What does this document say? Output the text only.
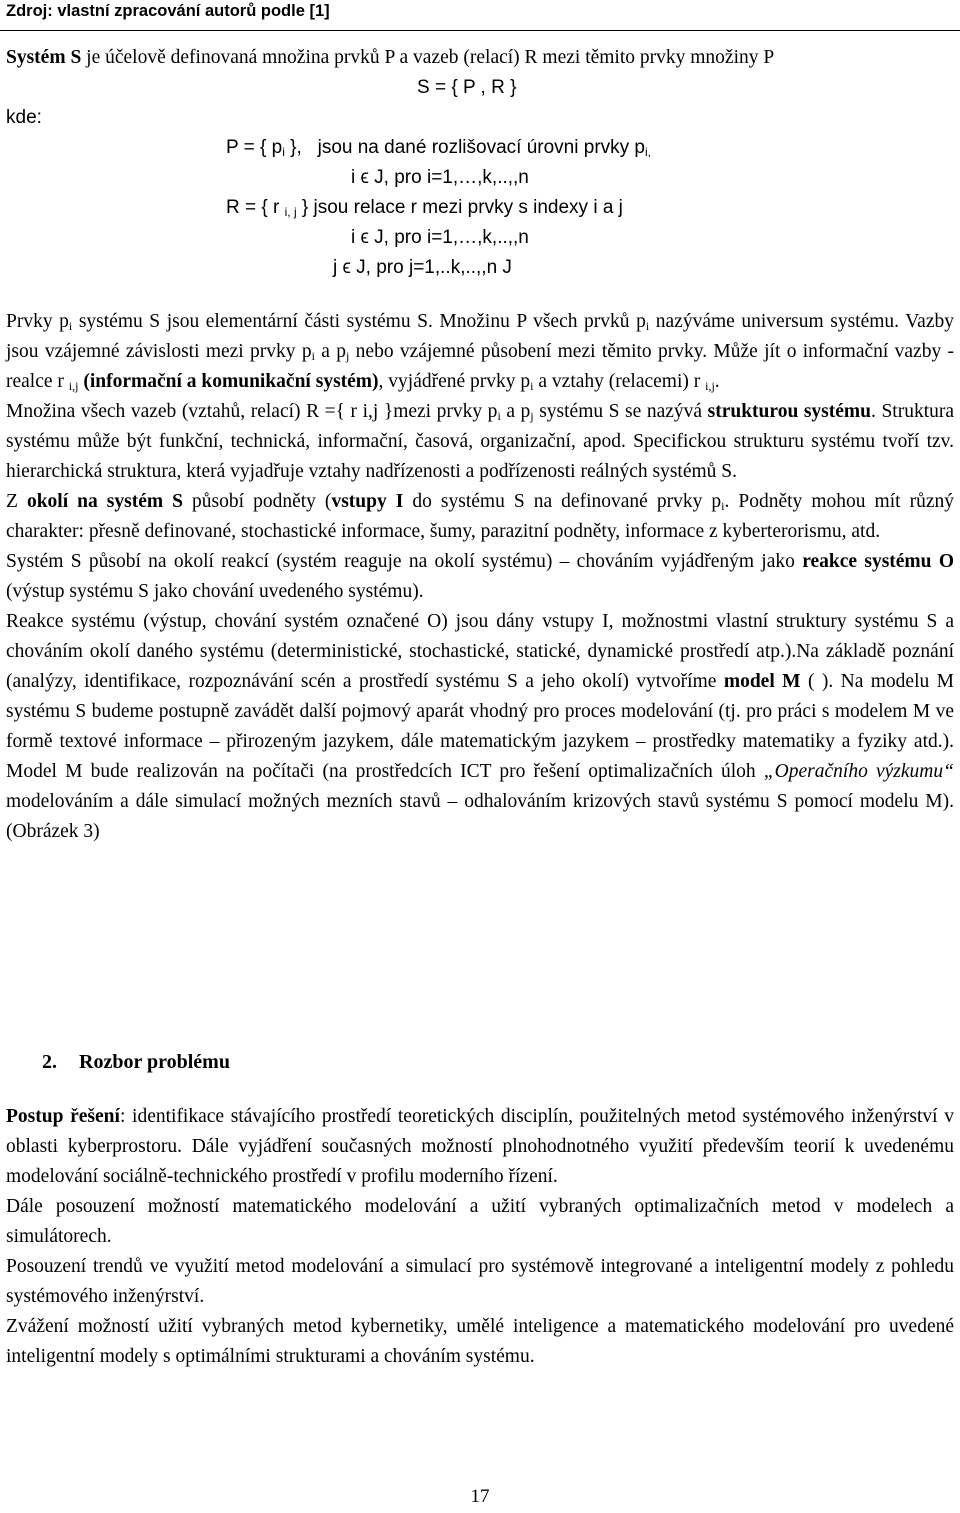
Zdroj: vlastní zpracování autorů podle [1]

Systém S je účelově definovaná množina prvků P a vazeb (relací) R mezi těmito prvky množiny P

S = { P , R }

kde:

P = { $p_i$ },   jsou na dané rozlišovací úrovni prvky $p_{i,}$

i ϵ J, pro i=1,…,k,..,,n

R = { r $_{i, j}$ } jsou relace r mezi prvky s indexy i a j

i ϵ J, pro i=1,…,k,..,,n

j ϵ J, pro j=1,..k,..,,n J

Prvky $p_i$ systému S jsou elementární části systému S. Množinu P všech prvků $p_i$ nazýváme universum systému. Vazby jsou vzájemné závislosti mezi prvky $p_i$ a $p_j$ nebo vzájemné působení mezi těmito prvky. Může jít o informační vazby - realce r $_{i,j}$ (informační a komunikační systém), vyjádřené prvky $p_i$ a vztahy (relacemi) r $_{i,j}$.

Množina všech vazeb (vztahů, relací) R ={ r i,j }mezi prvky $p_i$ a $p_j$ systému S se nazývá strukturou systému. Struktura systému může být funkční, technická, informační, časová, organizační, apod. Specifickou strukturu systému tvoří tzv. hierarchická struktura, která vyjadřuje vztahy nadřízenosti a podřízenosti reálných systémů S.

Z okolí na systém S působí podněty (vstupy I do systému S na definované prvky $p_i$. Podněty mohou mít různý charakter: přesně definované, stochastické informace, šumy, parazitní podněty, informace z kyberterorismu, atd.

Systém S působí na okolí reakcí (systém reaguje na okolí systému) – chováním vyjádřeným jako reakce systému O (výstup systému S jako chování uvedeného systému).

Reakce systému (výstup, chování systém označené O) jsou dány vstupy I, možnostmi vlastní struktury systému S a chováním okolí daného systému (deterministické, stochastické, statické, dynamické prostředí atp.).Na základě poznání (analýzy, identifikace, rozpoznávání scén a prostředí systému S a jeho okolí) vytvoříme model M ( ). Na modelu M systému S budeme postupně zavádět další pojmový aparát vhodný pro proces modelování (tj. pro práci s modelem M ve formě textové informace – přirozeným jazykem, dále matematickým jazykem – prostředky matematiky a fyziky atd.). Model M bude realizován na počítači (na prostředcích ICT pro řešení optimalizačních úloh „Operačního výzkumu“ modelováním a dále simulací možných mezních stavů – odhalováním krizových stavů systému S pomocí modelu M). (Obrázek 3)

2. Rozbor problému

Postup řešení: identifikace stávajícího prostředí teoretických disciplín, použitelných metod systémového inženýrství v oblasti kyberprostoru. Dále vyjádření současných možností plnohodnotného využití především teorií k uvedenému modelování sociálně-technického prostředí v profilu moderního řízení.

Dále posouzení možností matematického modelování a užití vybraných optimalizačních metod v modelech a simulátorech.

Posouzení trendů ve využití metod modelování a simulací pro systémově integrované a inteligentní modely z pohledu systémového inženýrství.

Zvážení možností užití vybraných metod kybernetiky, umělé inteligence a matematického modelování pro uvedené inteligentní modely s optimálními strukturami a chováním systému.

17
